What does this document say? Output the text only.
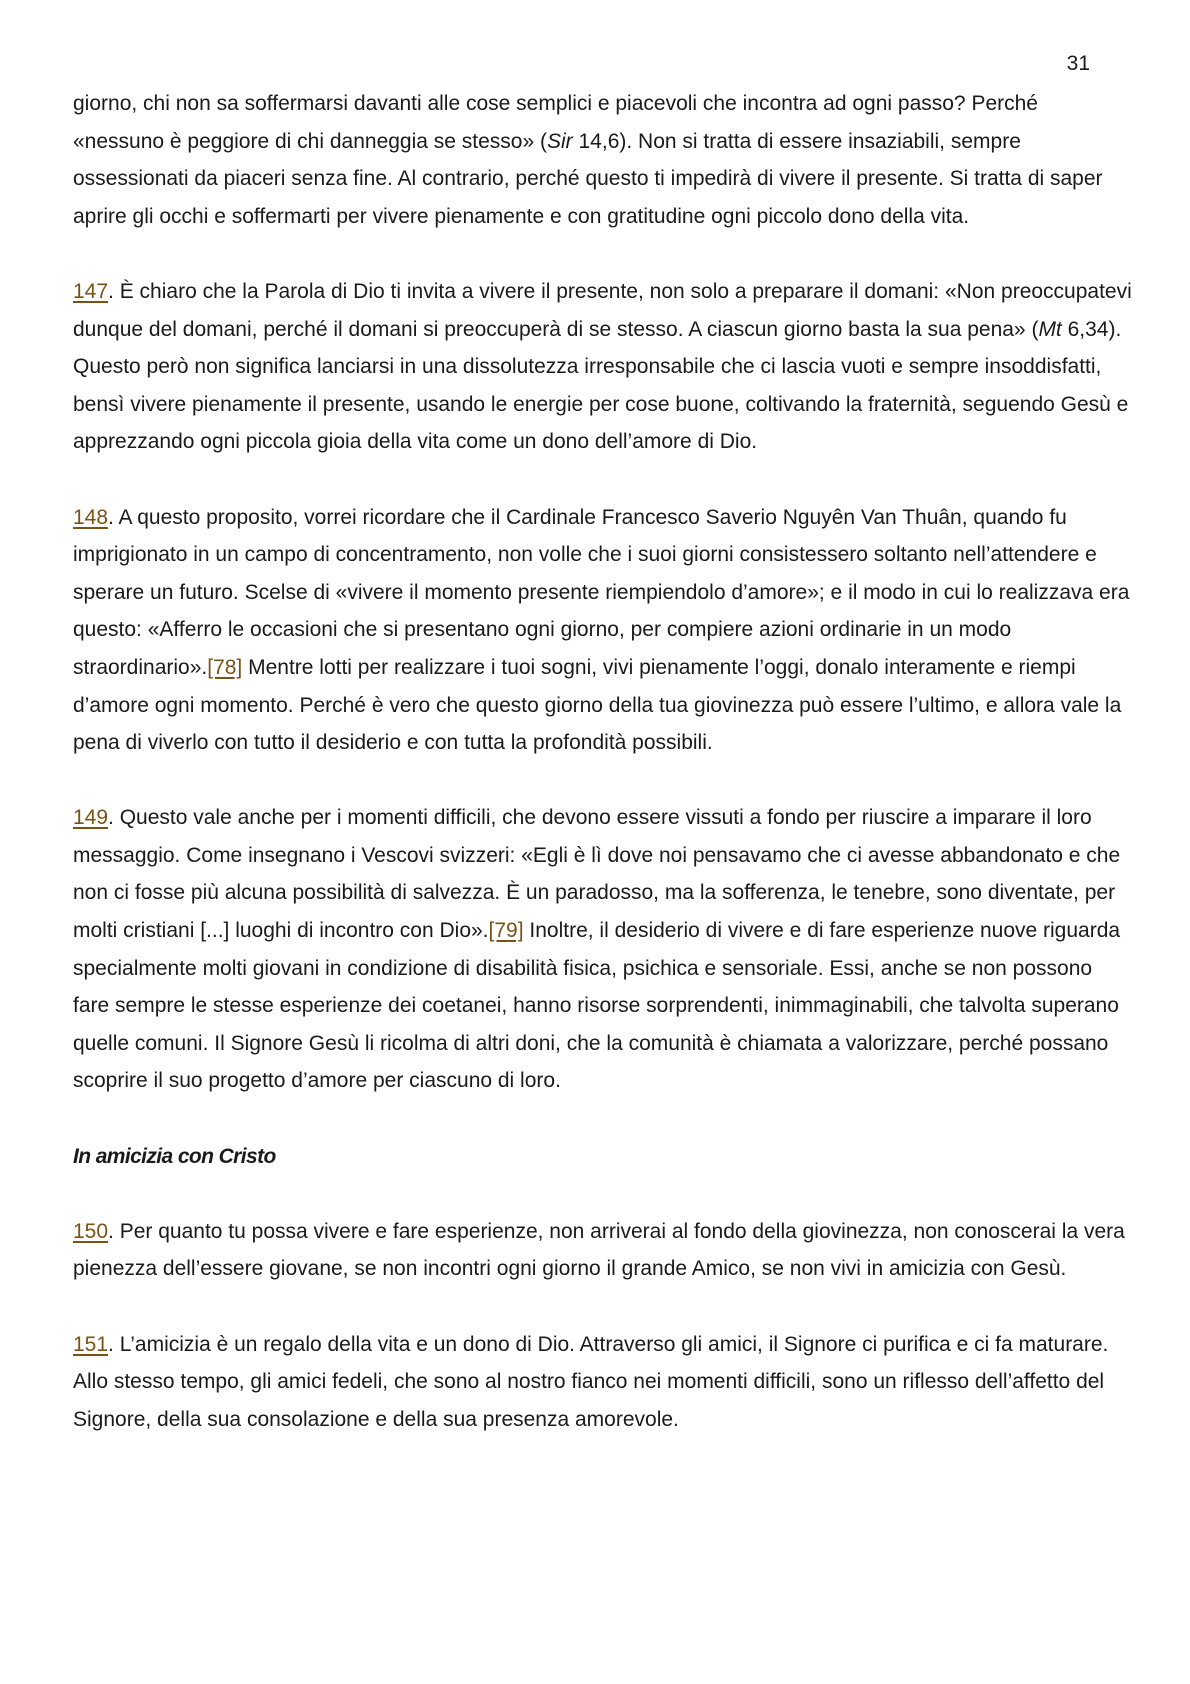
31

giorno, chi non sa soffermarsi davanti alle cose semplici e piacevoli che incontra ad ogni passo? Perché «nessuno è peggiore di chi danneggia se stesso» (Sir 14,6). Non si tratta di essere insaziabili, sempre ossessionati da piaceri senza fine. Al contrario, perché questo ti impedirà di vivere il presente. Si tratta di saper aprire gli occhi e soffermarti per vivere pienamente e con gratitudine ogni piccolo dono della vita.

147. È chiaro che la Parola di Dio ti invita a vivere il presente, non solo a preparare il domani: «Non preoccupatevi dunque del domani, perché il domani si preoccuperà di se stesso. A ciascun giorno basta la sua pena» (Mt 6,34). Questo però non significa lanciarsi in una dissolutezza irresponsabile che ci lascia vuoti e sempre insoddisfatti, bensì vivere pienamente il presente, usando le energie per cose buone, coltivando la fraternità, seguendo Gesù e apprezzando ogni piccola gioia della vita come un dono dell’amore di Dio.

148. A questo proposito, vorrei ricordare che il Cardinale Francesco Saverio Nguyên Van Thuân, quando fu imprigionato in un campo di concentramento, non volle che i suoi giorni consistessero soltanto nell’attendere e sperare un futuro. Scelse di «vivere il momento presente riempiendolo d’amore»; e il modo in cui lo realizzava era questo: «Afferro le occasioni che si presentano ogni giorno, per compiere azioni ordinarie in un modo straordinario».[78] Mentre lotti per realizzare i tuoi sogni, vivi pienamente l’oggi, donalo interamente e riempi d’amore ogni momento. Perché è vero che questo giorno della tua giovinezza può essere l’ultimo, e allora vale la pena di viverlo con tutto il desiderio e con tutta la profondità possibili.

149. Questo vale anche per i momenti difficili, che devono essere vissuti a fondo per riuscire a imparare il loro messaggio. Come insegnano i Vescovi svizzeri: «Egli è lì dove noi pensavamo che ci avesse abbandonato e che non ci fosse più alcuna possibilità di salvezza. È un paradosso, ma la sofferenza, le tenebre, sono diventate, per molti cristiani [...] luoghi di incontro con Dio».[79] Inoltre, il desiderio di vivere e di fare esperienze nuove riguarda specialmente molti giovani in condizione di disabilità fisica, psichica e sensoriale. Essi, anche se non possono fare sempre le stesse esperienze dei coetanei, hanno risorse sorprendenti, inimmaginabili, che talvolta superano quelle comuni. Il Signore Gesù li ricolma di altri doni, che la comunità è chiamata a valorizzare, perché possano scoprire il suo progetto d’amore per ciascuno di loro.

In amicizia con Cristo

150. Per quanto tu possa vivere e fare esperienze, non arriverai al fondo della giovinezza, non conoscerai la vera pienezza dell’essere giovane, se non incontri ogni giorno il grande Amico, se non vivi in amicizia con Gesù.

151. L’amicizia è un regalo della vita e un dono di Dio. Attraverso gli amici, il Signore ci purifica e ci fa maturare. Allo stesso tempo, gli amici fedeli, che sono al nostro fianco nei momenti difficili, sono un riflesso dell’affetto del Signore, della sua consolazione e della sua presenza amorevole.
